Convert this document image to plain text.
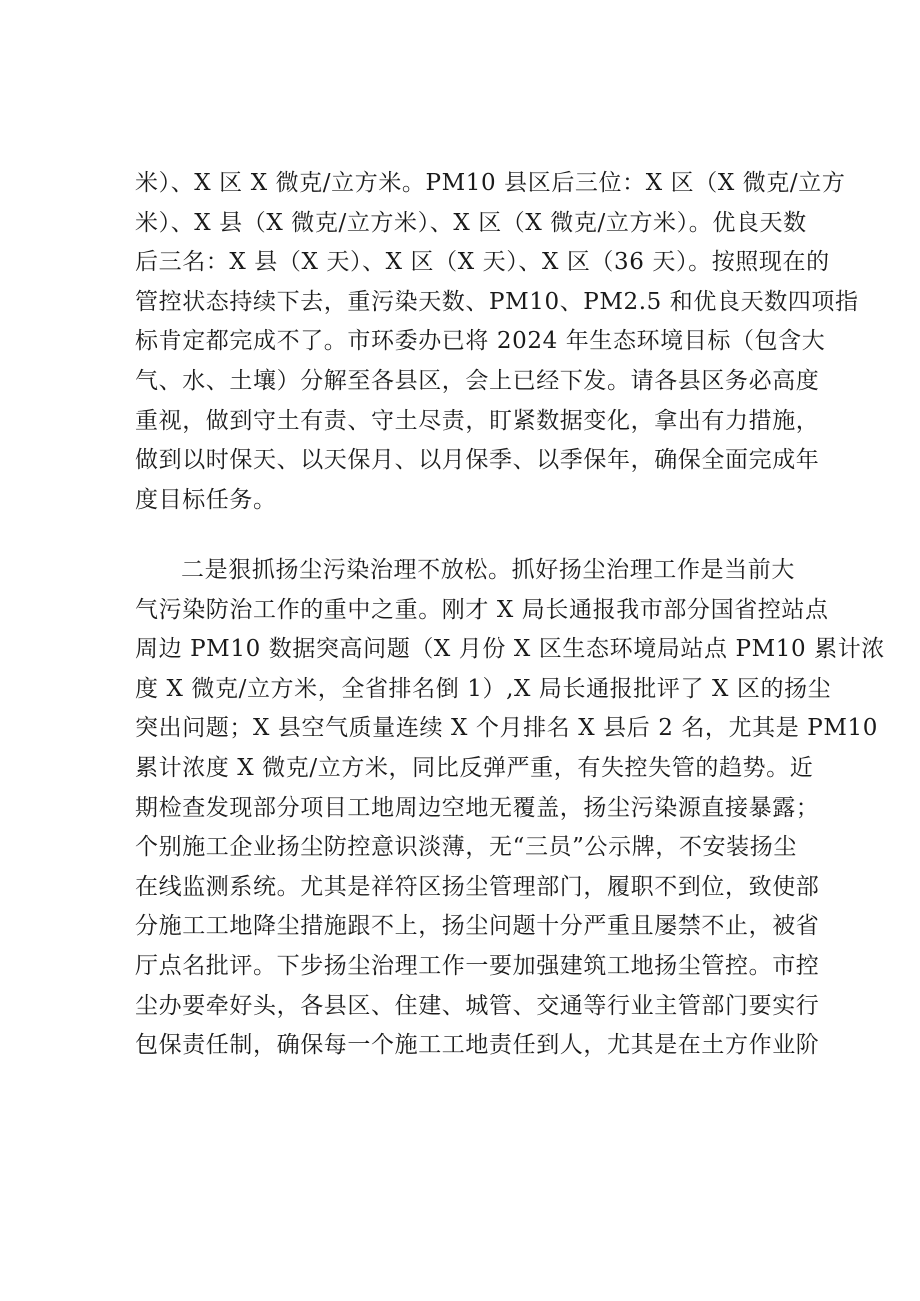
米）、X 区 X 微克/立方米。PM10 县区后三位：X 区（X 微克/立方
米）、X 县（X 微克/立方米）、X 区（X 微克/立方米）。优良天数
后三名：X 县（X 天）、X 区（X 天）、X 区（36 天）。按照现在的
管控状态持续下去，重污染天数、PM10、PM2.5 和优良天数四项指
标肯定都完成不了。市环委办已将 2024 年生态环境目标（包含大
气、水、土壤）分解至各县区，会上已经下发。请各县区务必高度
重视，做到守土有责、守土尽责，盯紧数据变化，拿出有力措施，
做到以时保天、以天保月、以月保季、以季保年，确保全面完成年
度目标任务。
二是狠抓扬尘污染治理不放松。抓好扬尘治理工作是当前大
气污染防治工作的重中之重。刚才 X 局长通报我市部分国省控站点
周边 PM10 数据突高问题（X 月份 X 区生态环境局站点 PM10 累计浓
度 X 微克/立方米，全省排名倒 1）,X 局长通报批评了 X 区的扬尘
突出问题；X 县空气质量连续 X 个月排名 X 县后 2 名，尤其是 PM10
累计浓度 X 微克/立方米，同比反弹严重，有失控失管的趋势。近
期检查发现部分项目工地周边空地无覆盖，扬尘污染源直接暴露；
个别施工企业扬尘防控意识淡薄，无“三员”公示牌，不安装扬尘
在线监测系统。尤其是祥符区扬尘管理部门，履职不到位，致使部
分施工工地降尘措施跟不上，扬尘问题十分严重且屡禁不止，被省
厅点名批评。下步扬尘治理工作一要加强建筑工地扬尘管控。市控
尘办要牵好头，各县区、住建、城管、交通等行业主管部门要实行
包保责任制，确保每一个施工工地责任到人，尤其是在土方作业阶
